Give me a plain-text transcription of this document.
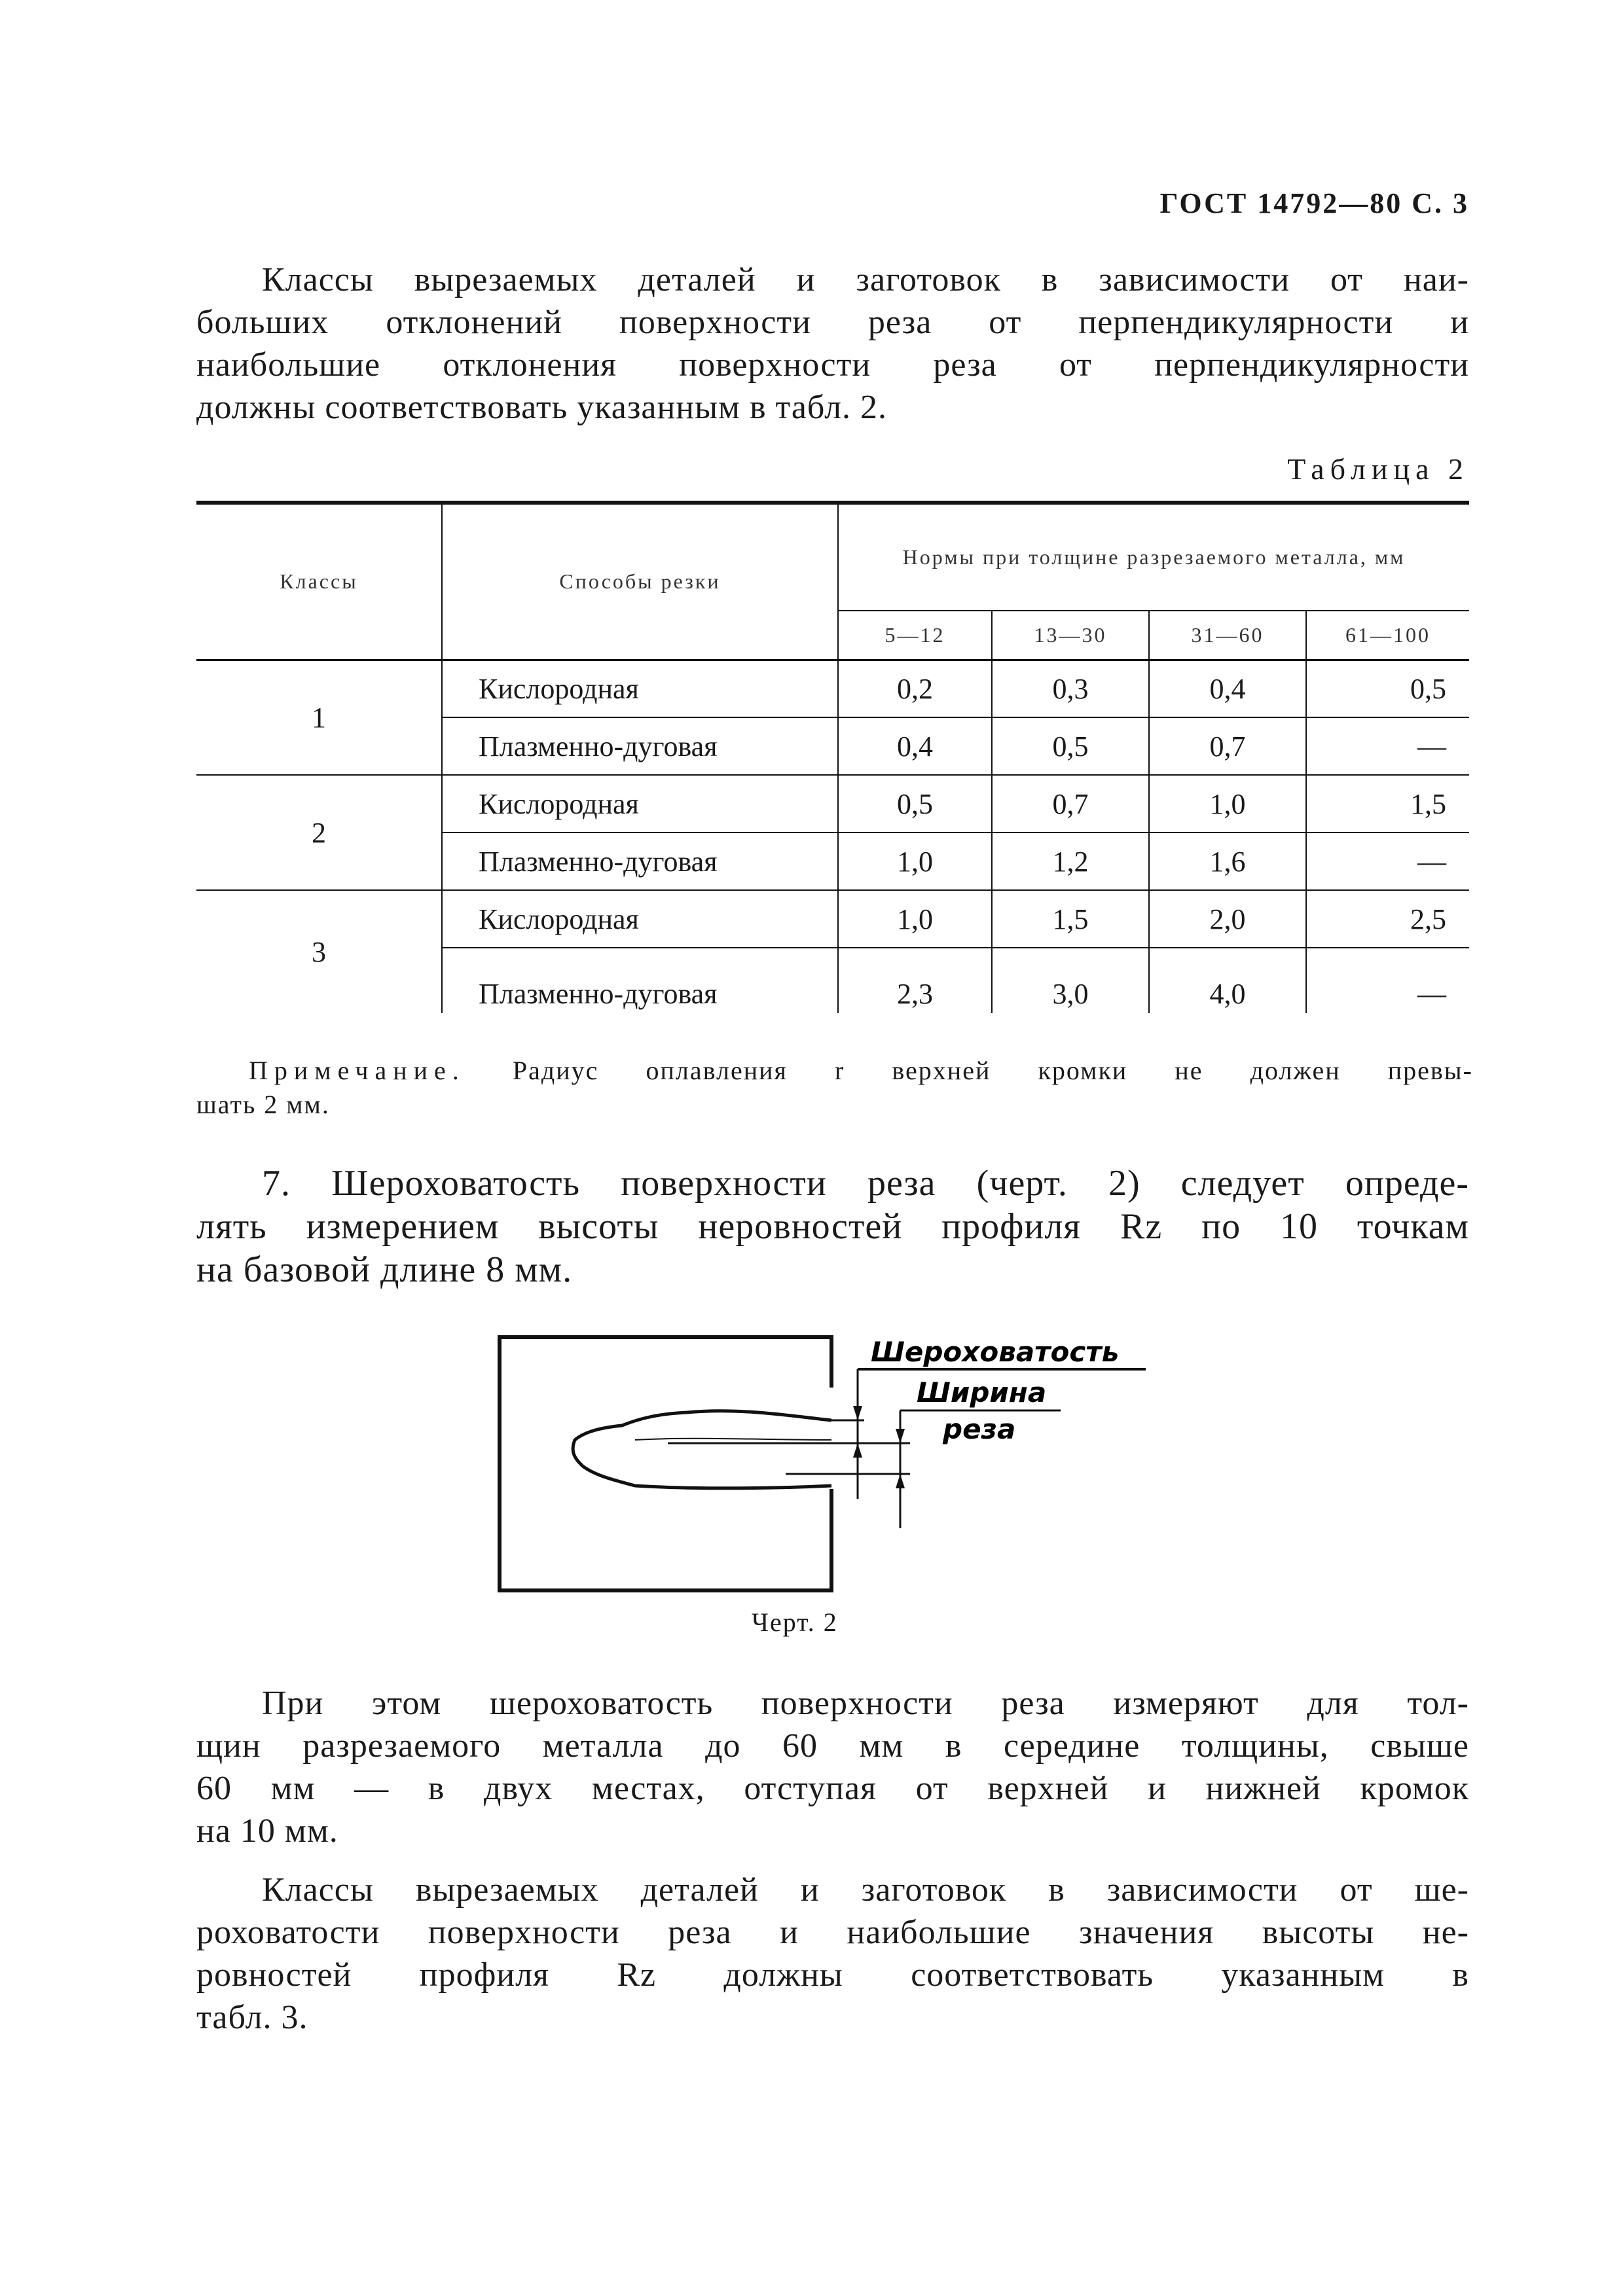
ГОСТ 14792—80 С. 3
Классы вырезаемых деталей и заготовок в зависимости от наи-
больших отклонений поверхности реза от перпендикулярности и
наибольшие отклонения поверхности реза от перпендикулярности
должны соответствовать указанным в табл. 2.
Таблица 2
Классы	Способы резки	Нормы при толщине разрезаемого металла, мм			
		5—12	13—30	31—60	61—100
1	Кислородная	0,2	0,3	0,4	0,5
	Плазменно-дуговая	0,4	0,5	0,7	—
2	Кислородная	0,5	0,7	1,0	1,5
	Плазменно-дуговая	1,0	1,2	1,6	—
3	Кислородная	1,0	1,5	2,0	2,5
	Плазменно-дуговая	2,3	3,0	4,0	—
Примечание. Радиус оплавления r верхней кромки не должен превы-
шать 2 мм.
7. Шероховатость поверхности реза (черт. 2) следует опреде-
лять измерением высоты неровностей профиля Rz по 10 точкам
на базовой длине 8 мм.
Шероховатость
Ширина
реза
Черт. 2
При этом шероховатость поверхности реза измеряют для тол-
щин разрезаемого металла до 60 мм в середине толщины, свыше
60 мм — в двух местах, отступая от верхней и нижней кромок
на 10 мм.
Классы вырезаемых деталей и заготовок в зависимости от ше-
роховатости поверхности реза и наибольшие значения высоты не-
ровностей профиля Rz должны соответствовать указанным в
табл. 3.
